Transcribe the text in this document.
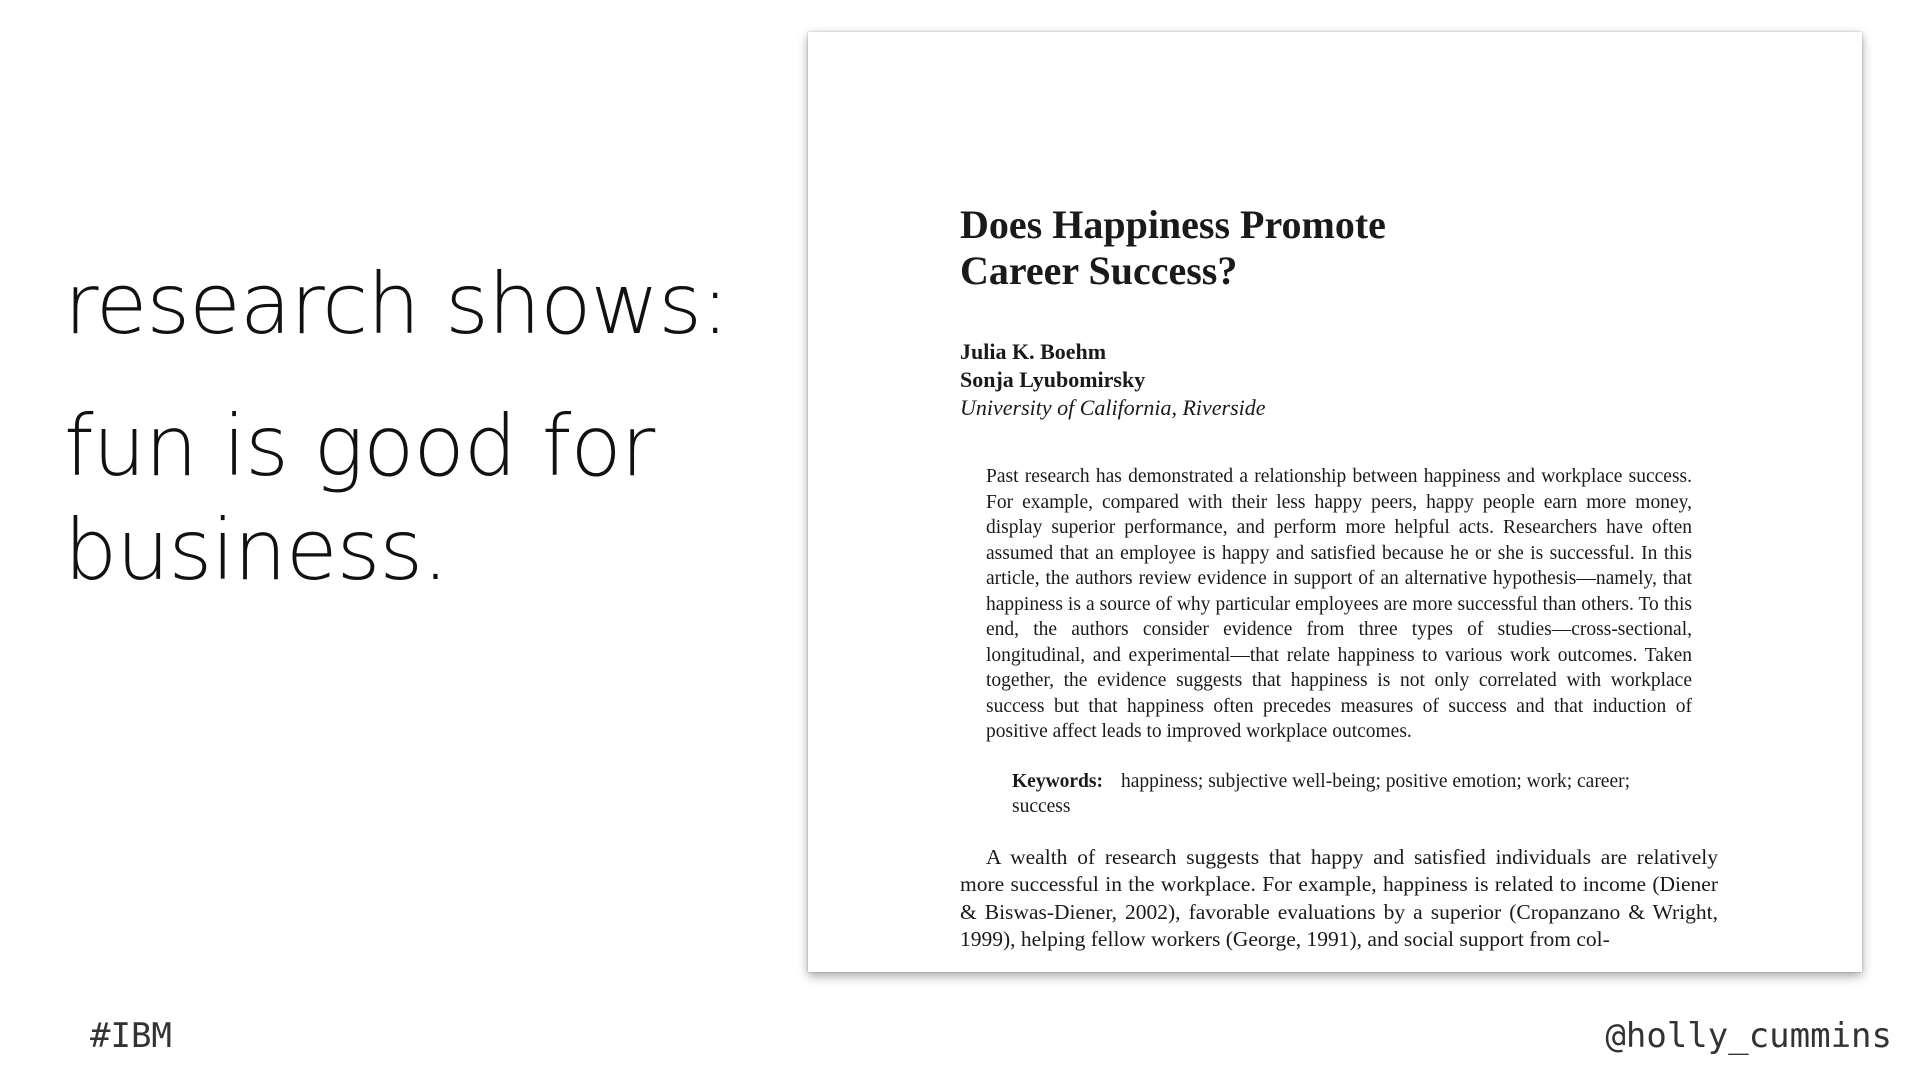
research shows:
fun is good for business.
Does Happiness Promote Career Success?
Julia K. Boehm
Sonja Lyubomirsky
University of California, Riverside
Past research has demonstrated a relationship between happiness and workplace success. For example, compared with their less happy peers, happy people earn more money, display superior performance, and perform more helpful acts. Researchers have often assumed that an employee is happy and satisfied because he or she is successful. In this article, the authors review evidence in support of an alternative hypothesis—namely, that happiness is a source of why particular employees are more successful than others. To this end, the authors consider evidence from three types of studies—cross-sectional, longitudinal, and experimental—that relate happiness to various work outcomes. Taken together, the evidence suggests that happiness is not only correlated with workplace success but that happiness often precedes measures of success and that induction of positive affect leads to improved workplace outcomes.
Keywords: happiness; subjective well-being; positive emotion; work; career; success
A wealth of research suggests that happy and satisfied individuals are relatively more successful in the workplace. For example, happiness is related to income (Diener & Biswas-Diener, 2002), favorable evaluations by a superior (Cropanzano & Wright, 1999), helping fellow workers (George, 1991), and social support from col-
#IBM	@holly_cummins
